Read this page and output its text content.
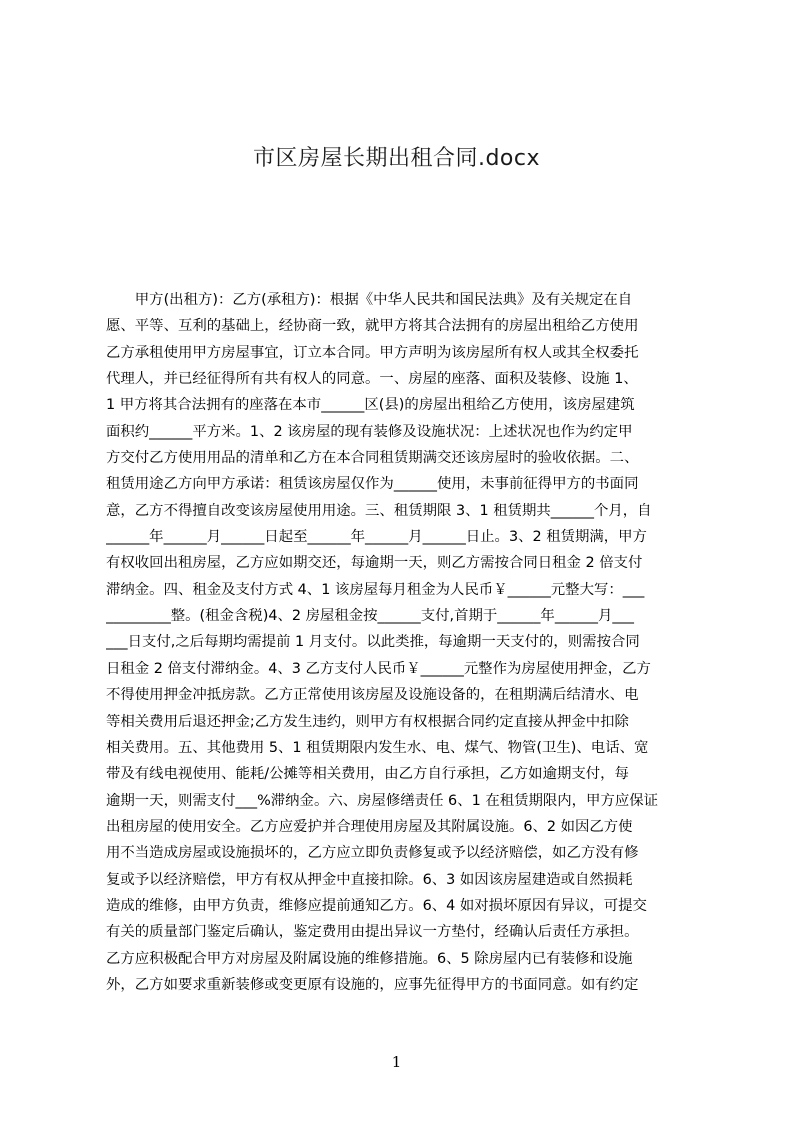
市区房屋长期出租合同.docx
　　甲方(出租方)：乙方(承租方)：根据《中华人民共和国民法典》及有关规定在自
愿、平等、互利的基础上，经协商一致，就甲方将其合法拥有的房屋出租给乙方使用
乙方承租使用甲方房屋事宜，订立本合同。甲方声明为该房屋所有权人或其全权委托
代理人，并已经征得所有共有权人的同意。一、房屋的座落、面积及装修、设施 1、
1 甲方将其合法拥有的座落在本市______区(县)的房屋出租给乙方使用，该房屋建筑
面积约______平方米。1、2 该房屋的现有装修及设施状况：上述状况也作为约定甲
方交付乙方使用用品的清单和乙方在本合同租赁期满交还该房屋时的验收依据。二、
租赁用途乙方向甲方承诺：租赁该房屋仅作为______使用，未事前征得甲方的书面同
意，乙方不得擅自改变该房屋使用用途。三、租赁期限 3、1 租赁期共______个月，自
______年______月______日起至______年______月______日止。3、2 租赁期满，甲方
有权收回出租房屋，乙方应如期交还，每逾期一天，则乙方需按合同日租金 2 倍支付
滞纳金。四、租金及支付方式 4、1 该房屋每月租金为人民币￥______元整大写：___
_________整。(租金含税)4、2 房屋租金按______支付,首期于______年______月___
___日支付,之后每期均需提前 1 月支付。以此类推，每逾期一天支付的，则需按合同
日租金 2 倍支付滞纳金。4、3 乙方支付人民币￥______元整作为房屋使用押金，乙方
不得使用押金冲抵房款。乙方正常使用该房屋及设施设备的，在租期满后结清水、电
等相关费用后退还押金;乙方发生违约，则甲方有权根据合同约定直接从押金中扣除
相关费用。五、其他费用 5、1 租赁期限内发生水、电、煤气、物管(卫生)、电话、宽
带及有线电视使用、能耗/公摊等相关费用，由乙方自行承担，乙方如逾期支付，每
逾期一天，则需支付___%滞纳金。六、房屋修缮责任 6、1 在租赁期限内，甲方应保证
出租房屋的使用安全。乙方应爱护并合理使用房屋及其附属设施。6、2 如因乙方使
用不当造成房屋或设施损坏的，乙方应立即负责修复或予以经济赔偿，如乙方没有修
复或予以经济赔偿，甲方有权从押金中直接扣除。6、3 如因该房屋建造或自然损耗
造成的维修，由甲方负责，维修应提前通知乙方。6、4 如对损坏原因有异议，可提交
有关的质量部门鉴定后确认，鉴定费用由提出异议一方垫付，经确认后责任方承担。
乙方应积极配合甲方对房屋及附属设施的维修措施。6、5 除房屋内已有装修和设施
外，乙方如要求重新装修或变更原有设施的，应事先征得甲方的书面同意。如有约定
1
